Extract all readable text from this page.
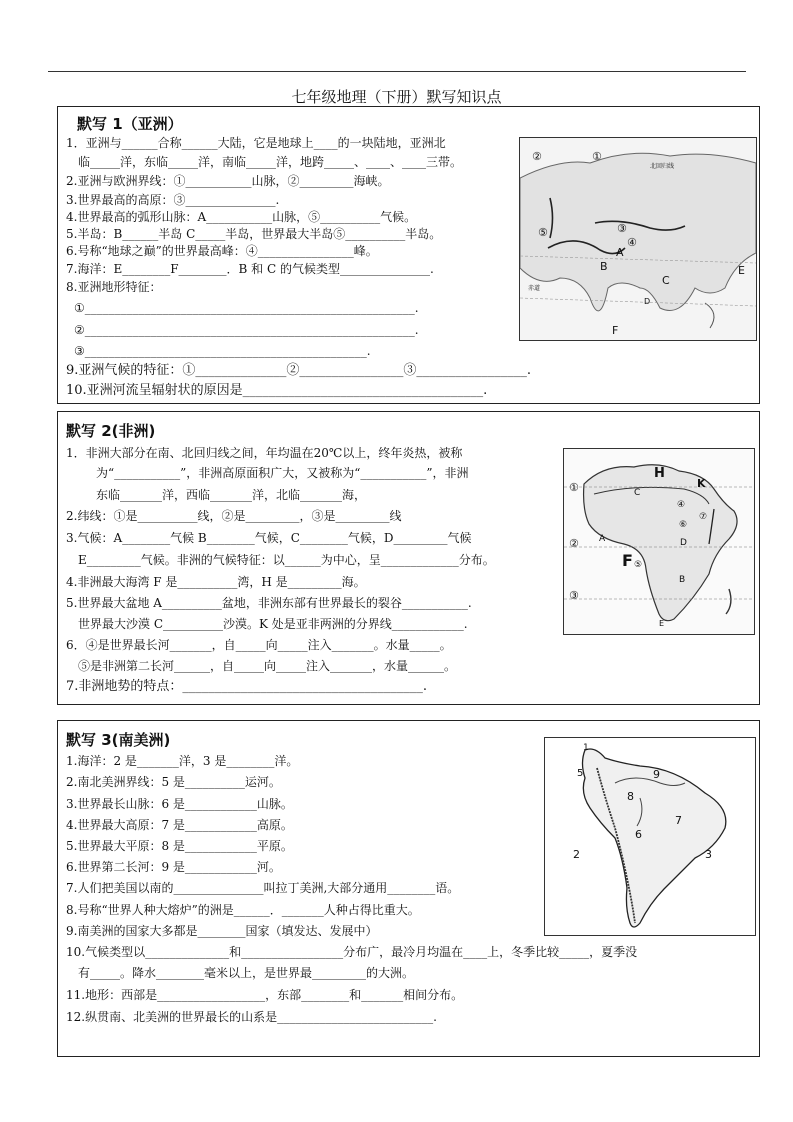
七年级地理（下册）默写知识点
默写 1（亚洲）
1．亚洲与______合称______大陆，它是地球上____的一块陆地，亚洲北
临_____洋，东临_____洋，南临_____洋，地跨_____、____、____三带。
2.亚洲与欧洲界线：①___________山脉，②_________海峡。
3.世界最高的高原：③_______________.
4.世界最高的弧形山脉：A___________山脉，⑤__________气候。
5.半岛：B______半岛 C_____半岛，世界最大半岛⑤__________半岛。
6.号称“地球之巅”的世界最高峰：④________________峰。
7.海洋：E________F________．B 和 C 的气候类型_______________.
8.亚洲地形特征：
①_______________________________________________________.
②_______________________________________________________.
③_______________________________________________.
9.亚洲气候的特征：①______________②________________③_________________.
10.亚洲河流呈辐射状的原因是_____________________________________.
②	①
③
④
⑤
A
B
C
D
E
F
北回归线
赤道
默写 2(非洲)
1．非洲大部分在南、北回归线之间，年均温在20℃以上，终年炎热，被称
为“___________”，非洲高原面积广大，又被称为“___________”，非洲
东临_______洋，西临_______洋，北临_______海，
2.纬线：①是__________线，②是_________，③是_________线
3.气候：A________气候 B________气候，C________气候，D_________气候
E_________气候。非洲的气候特征：以______为中心，呈_____________分布。
4.非洲最大海湾 F 是__________湾，H 是_________海。
5.世界最大盆地 A__________盆地，非洲东部有世界最长的裂谷___________.
世界最大沙漠 C__________沙漠。K 处是亚非两洲的分界线____________.
6．④是世界最长河_______，自_____向_____注入_______。水量_____。
⑤是非洲第二长河______，自_____向_____注入_______，水量______。
7.非洲地势的特点：_____________________________________.
①
②
③
④
⑤
⑥
⑦
A
B
C
D
E
F
H
K
默写 3(南美洲)
1.海洋：2 是_______洋，3 是________洋。
2.南北美洲界线：5 是__________运河。
3.世界最长山脉：6 是____________山脉。
4.世界最大高原：7 是____________高原。
5.世界最大平原：8 是____________平原。
6.世界第二长河：9 是____________河。
7.人们把美国以南的_______________叫拉丁美洲,大部分通用________语。
8.号称“世界人种大熔炉”的洲是______．_______人种占得比重大。
9.南美洲的国家大多都是________国家（填发达、发展中）
10.气候类型以______________和_________________分布广，最冷月均温在____上，冬季比较_____，夏季没
有_____。降水________毫米以上，是世界最_________的大洲。
11.地形：西部是__________________，东部________和_______相间分布。
12.纵贯南、北美洲的世界最长的山系是__________________________.
1
2	3
5
6
7
8
9
